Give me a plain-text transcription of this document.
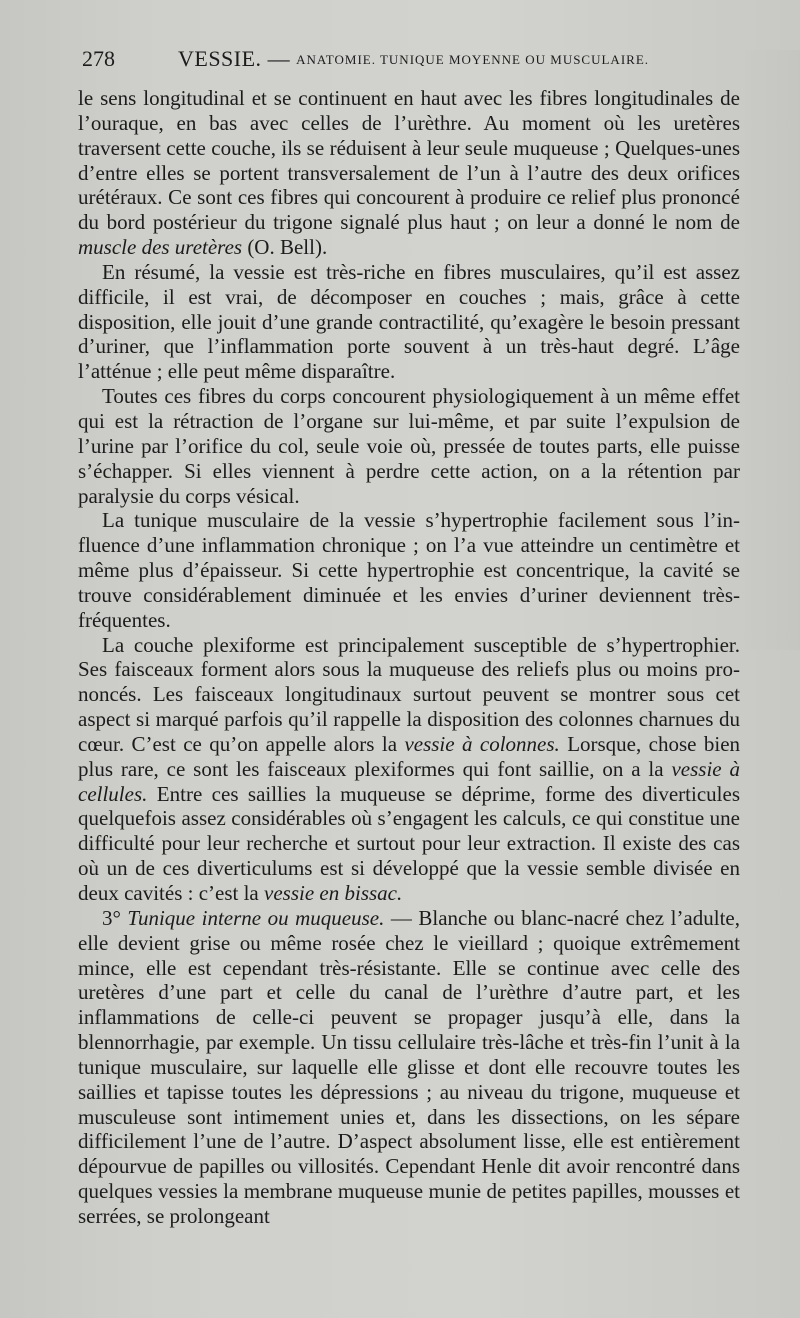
278	VESSIE. — ANATOMIE. TUNIQUE MOYENNE OU MUSCULAIRE.

le sens longitudinal et se continuent en haut avec les fibres longitudinales de l’ouraque, en bas avec celles de l’urèthre. Au moment où les uretères traversent cette couche, ils se réduisent à leur seule muqueuse ; Quelques-unes d’entre elles se portent transversalement de l’un à l’autre des deux orifices urétéraux. Ce sont ces fibres qui concourent à produire ce relief plus prononcé du bord postérieur du trigone signalé plus haut ; on leur a donné le nom de muscle des uretères (O. Bell).

En résumé, la vessie est très-riche en fibres musculaires, qu’il est assez difficile, il est vrai, de décomposer en couches ; mais, grâce à cette disposition, elle jouit d’une grande contractilité, qu’exagère le besoin pressant d’uriner, que l’inflammation porte souvent à un très-haut degré. L’âge l’atténue ; elle peut même disparaître.

Toutes ces fibres du corps concourent physiologiquement à un même effet qui est la rétraction de l’organe sur lui-même, et par suite l’expulsion de l’urine par l’orifice du col, seule voie où, pressée de toutes parts, elle puisse s’échapper. Si elles viennent à perdre cette action, on a la rétention par paralysie du corps vésical.

La tunique musculaire de la vessie s’hypertrophie facilement sous l’influence d’une inflammation chronique ; on l’a vue atteindre un centimètre et même plus d’épaisseur. Si cette hypertrophie est concentrique, la cavité se trouve considérablement diminuée et les envies d’uriner deviennent très-fréquentes.

La couche plexiforme est principalement susceptible de s’hypertrophier. Ses faisceaux forment alors sous la muqueuse des reliefs plus ou moins prononcés. Les faisceaux longitudinaux surtout peuvent se montrer sous cet aspect si marqué parfois qu’il rappelle la disposition des colonnes charnues du cœur. C’est ce qu’on appelle alors la vessie à colonnes. Lorsque, chose bien plus rare, ce sont les faisceaux plexiformes qui font saillie, on a la vessie à cellules. Entre ces saillies la muqueuse se déprime, forme des diverticules quelquefois assez considérables où s’engagent les calculs, ce qui constitue une difficulté pour leur recherche et surtout pour leur extraction. Il existe des cas où un de ces diverticulums est si développé que la vessie semble divisée en deux cavités : c’est la vessie en bissac.

3° Tunique interne ou muqueuse. — Blanche ou blanc-nacré chez l’adulte, elle devient grise ou même rosée chez le vieillard ; quoique extrêmement mince, elle est cependant très-résistante. Elle se continue avec celle des uretères d’une part et celle du canal de l’urèthre d’autre part, et les inflammations de celle-ci peuvent se propager jusqu’à elle, dans la blennorrhagie, par exemple. Un tissu cellulaire très-lâche et très-fin l’unit à la tunique musculaire, sur laquelle elle glisse et dont elle recouvre toutes les saillies et tapisse toutes les dépressions ; au niveau du trigone, muqueuse et musculeuse sont intimement unies et, dans les dissections, on les sépare difficilement l’une de l’autre. D’aspect absolument lisse, elle est entièrement dépourvue de papilles ou villosités. Cependant Henle dit avoir rencontré dans quelques vessies la membrane muqueuse munie de petites papilles, mousses et serrées, se prolongeant
